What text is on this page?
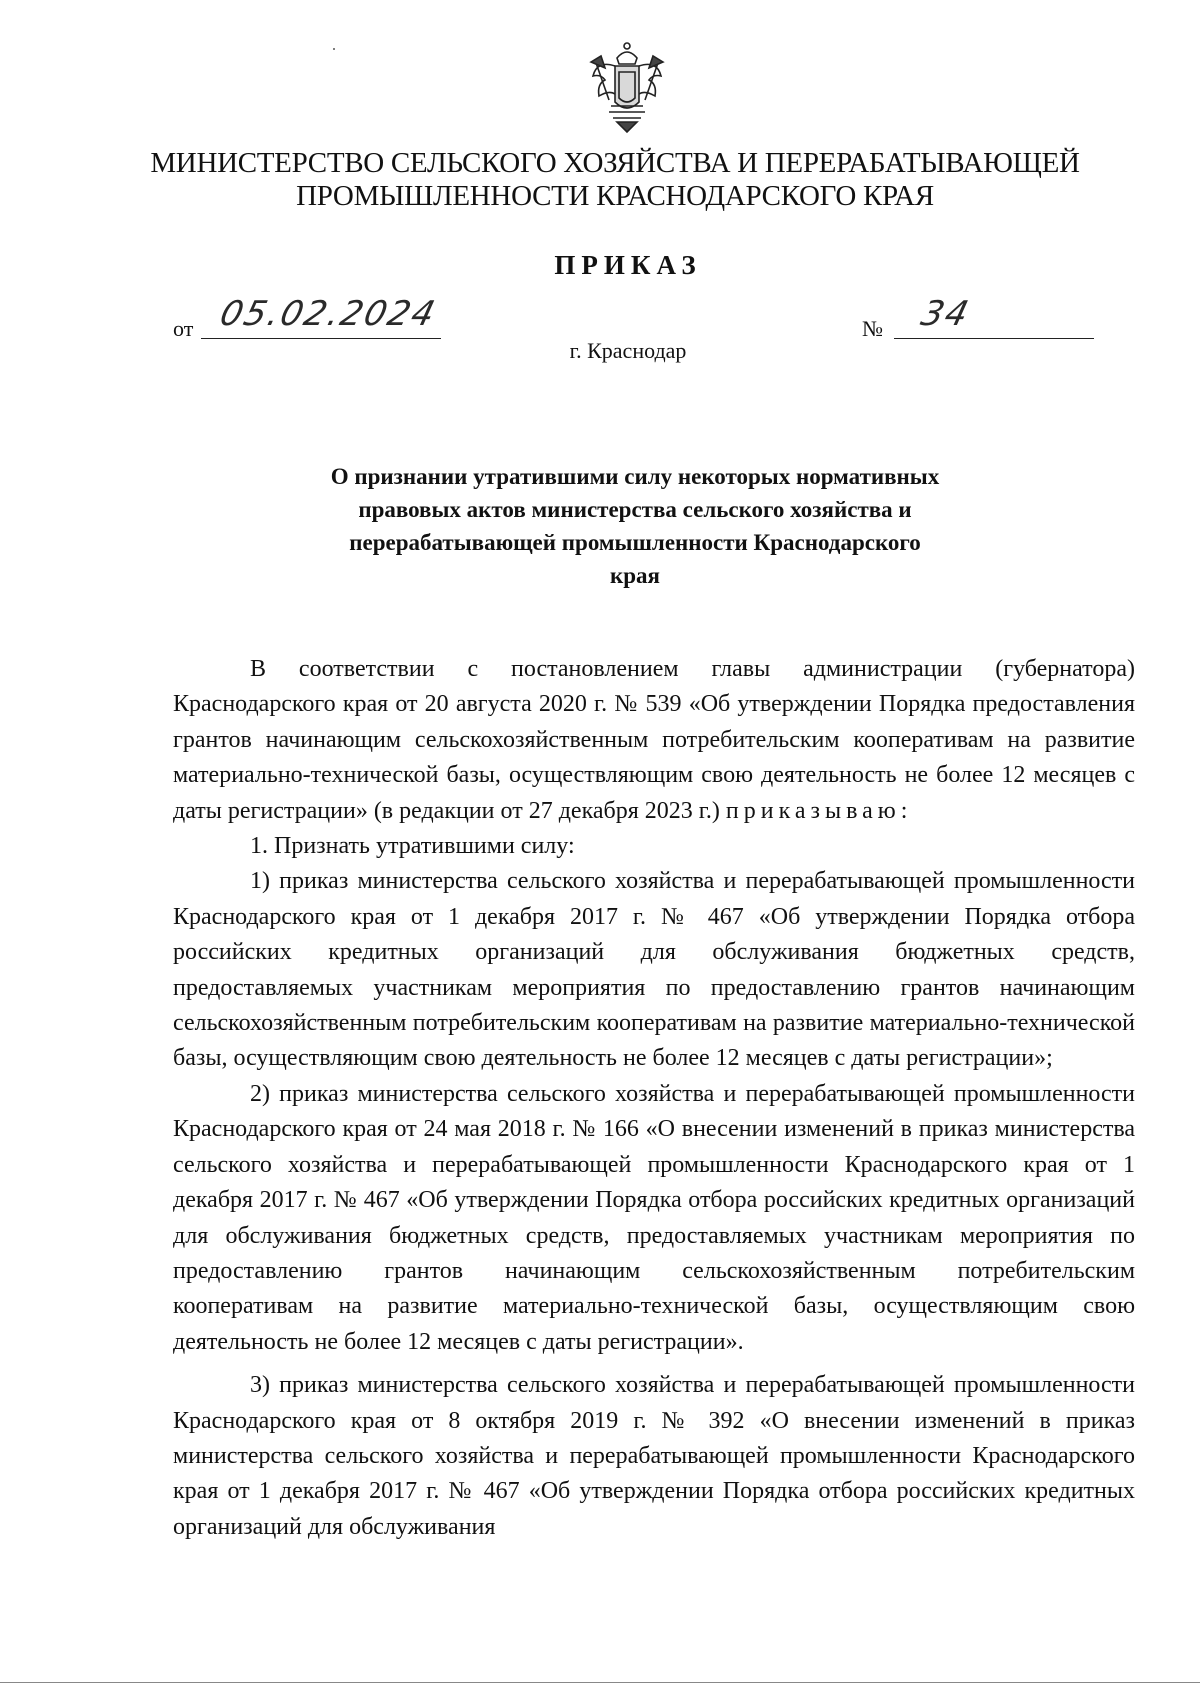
МИНИСТЕРСТВО СЕЛЬСКОГО ХОЗЯЙСТВА И ПЕРЕРАБАТЫВАЮЩЕЙ
ПРОМЫШЛЕННОСТИ КРАСНОДАРСКОГО КРАЯ
ПРИКАЗ
от 05.02.2024	№ 34
г. Краснодар
О признании утратившими силу некоторых нормативных правовых актов министерства сельского хозяйства и перерабатывающей промышленности Краснодарского края

В соответствии с постановлением главы администрации (губернатора) Краснодарского края от 20 августа 2020 г. № 539 «Об утверждении Порядка предоставления грантов начинающим сельскохозяйственным потребительским кооперативам на развитие материально-технической базы, осуществляющим свою деятельность не более 12 месяцев с даты регистрации» (в редакции от 27 декабря 2023 г.) приказываю:

1. Признать утратившими силу:

1) приказ министерства сельского хозяйства и перерабатывающей промышленности Краснодарского края от 1 декабря 2017 г. № 467 «Об утверждении Порядка отбора российских кредитных организаций для обслуживания бюджетных средств, предоставляемых участникам мероприятия по предоставлению грантов начинающим сельскохозяйственным потребительским кооперативам на развитие материально-технической базы, осуществляющим свою деятельность не более 12 месяцев с даты регистрации»;

2) приказ министерства сельского хозяйства и перерабатывающей промышленности Краснодарского края от 24 мая 2018 г. № 166 «О внесении изменений в приказ министерства сельского хозяйства и перерабатывающей промышленности Краснодарского края от 1 декабря 2017 г. № 467 «Об утверждении Порядка отбора российских кредитных организаций для обслуживания бюджетных средств, предоставляемых участникам мероприятия по предоставлению грантов начинающим сельскохозяйственным потребительским кооперативам на развитие материально-технической базы, осуществляющим свою деятельность не более 12 месяцев с даты регистрации».

3) приказ министерства сельского хозяйства и перерабатывающей промышленности Краснодарского края от 8 октября 2019 г. № 392 «О внесении изменений в приказ министерства сельского хозяйства и перерабатывающей промышленности Краснодарского края от 1 декабря 2017 г. № 467 «Об утверждении Порядка отбора российских кредитных организаций для обслуживания
